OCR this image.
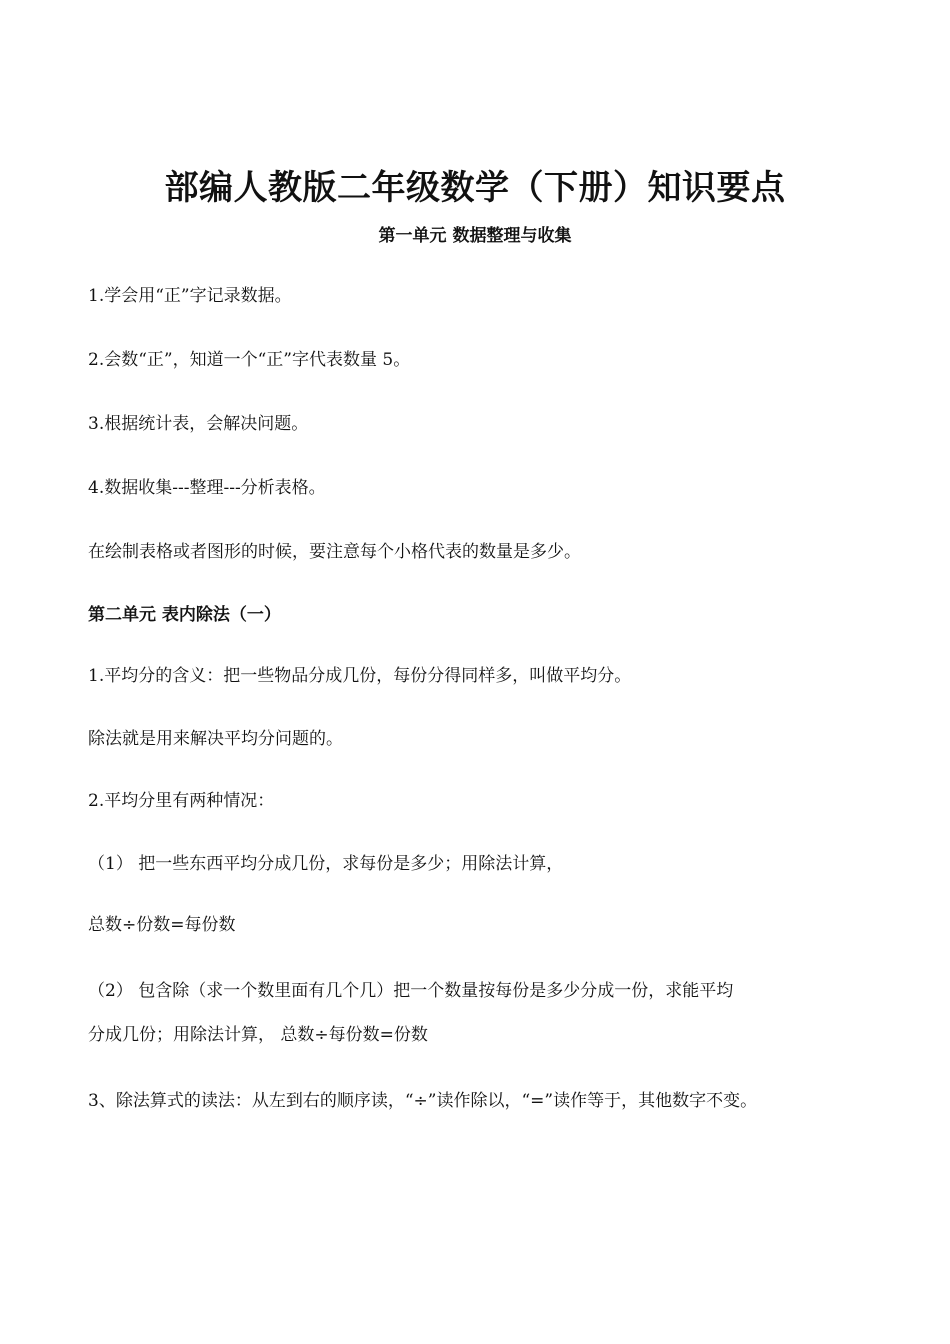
部编人教版二年级数学（下册）知识要点
第一单元 数据整理与收集
1.学会用“正”字记录数据。
2.会数“正”，知道一个“正”字代表数量 5。
3.根据统计表，会解决问题。
4.数据收集---整理---分析表格。
在绘制表格或者图形的时候，要注意每个小格代表的数量是多少。
第二单元 表内除法（一）
1.平均分的含义：把一些物品分成几份，每份分得同样多，叫做平均分。
除法就是用来解决平均分问题的。
2.平均分里有两种情况：
（1） 把一些东西平均分成几份，求每份是多少；用除法计算，
总数÷份数=每份数
（2） 包含除（求一个数里面有几个几）把一个数量按每份是多少分成一份，求能平均
分成几份；用除法计算， 总数÷每份数=份数
3、除法算式的读法：从左到右的顺序读，“÷”读作除以，“=”读作等于，其他数字不变。
